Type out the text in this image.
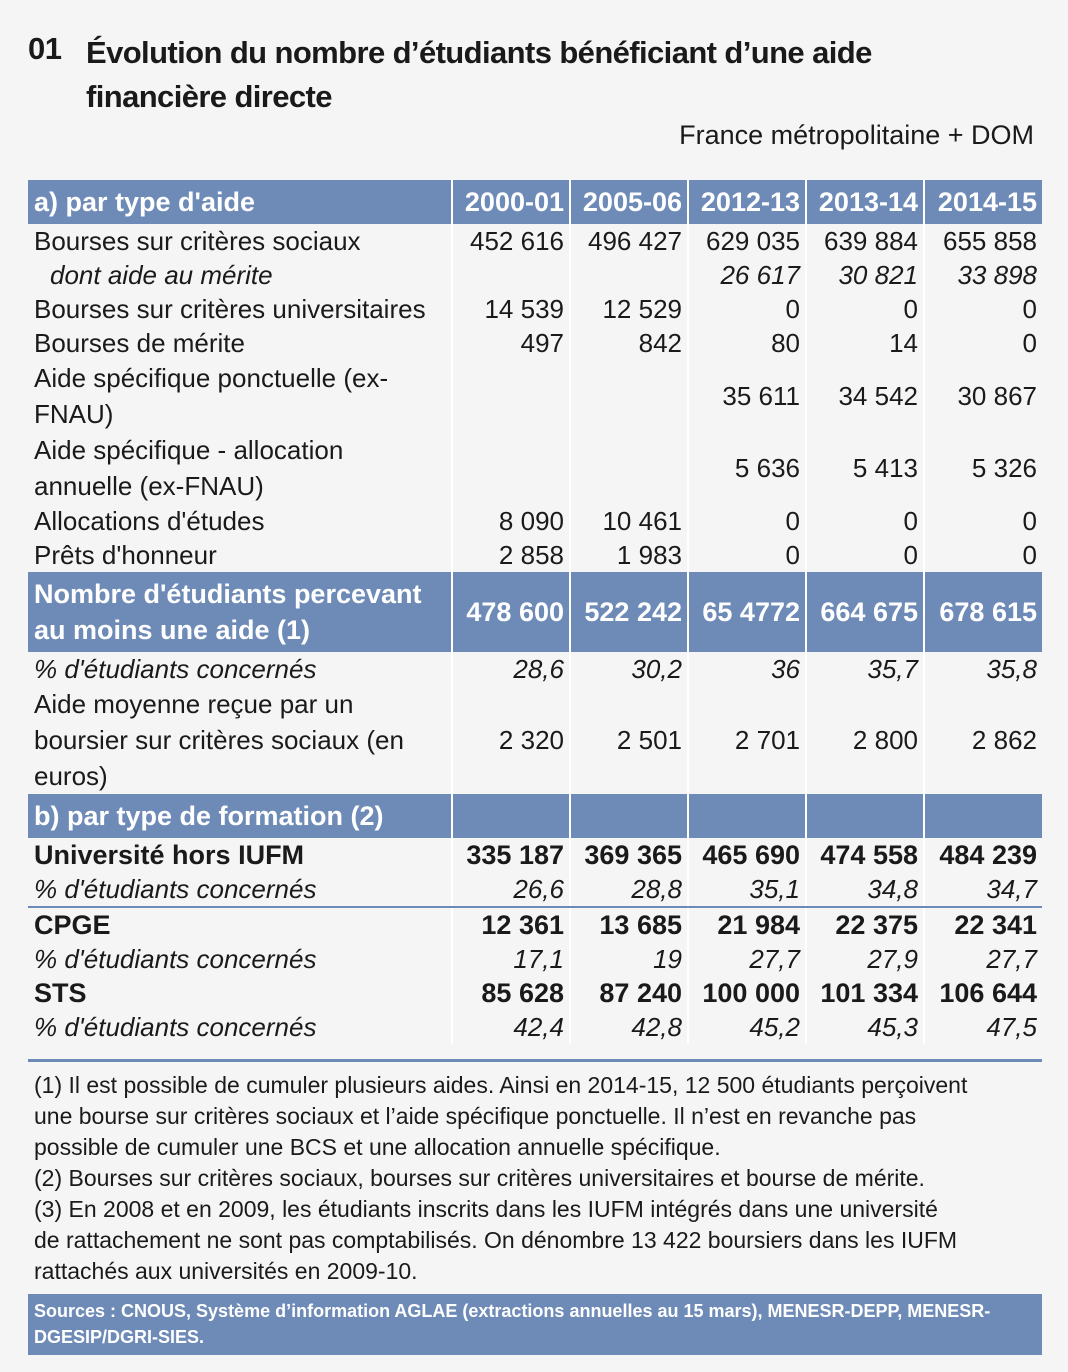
01 Évolution du nombre d’étudiants bénéficiant d’une aide financière directe
France métropolitaine + DOM
a) par type d'aide	2000-01	2005-06	2012-13	2013-14	2014-15
Bourses sur critères sociaux	452 616	496 427	629 035	639 884	655 858
dont aide au mérite			26 617	30 821	33 898
Bourses sur critères universitaires	14 539	12 529	0	0	0
Bourses de mérite	497	842	80	14	0
Aide spécifique ponctuelle (ex-FNAU)			35 611	34 542	30 867
Aide spécifique - allocation annuelle (ex-FNAU)			5 636	5 413	5 326
Allocations d'études	8 090	10 461	0	0	0
Prêts d'honneur	2 858	1 983	0	0	0
Nombre d'étudiants percevant au moins une aide (1)	478 600	522 242	65 4772	664 675	678 615
% d'étudiants concernés	28,6	30,2	36	35,7	35,8
Aide moyenne reçue par un boursier sur critères sociaux (en euros)	2 320	2 501	2 701	2 800	2 862
b) par type de formation (2)					
Université hors IUFM	335 187	369 365	465 690	474 558	484 239
% d'étudiants concernés	26,6	28,8	35,1	34,8	34,7
CPGE	12 361	13 685	21 984	22 375	22 341
% d'étudiants concernés	17,1	19	27,7	27,9	27,7
STS	85 628	87 240	100 000	101 334	106 644
% d'étudiants concernés	42,4	42,8	45,2	45,3	47,5
(1) Il est possible de cumuler plusieurs aides. Ainsi en 2014-15, 12 500 étudiants perçoivent
une bourse sur critères sociaux et l’aide spécifique ponctuelle. Il n’est en revanche pas
possible de cumuler une BCS et une allocation annuelle spécifique.
(2) Bourses sur critères sociaux, bourses sur critères universitaires et bourse de mérite.
(3) En 2008 et en 2009, les étudiants inscrits dans les IUFM intégrés dans une université
de rattachement ne sont pas comptabilisés. On dénombre 13 422 boursiers dans les IUFM
rattachés aux universités en 2009-10.
Sources : CNOUS, Système d’information AGLAE (extractions annuelles au 15 mars), MENESR-DEPP, MENESR-DGESIP/DGRI-SIES.
